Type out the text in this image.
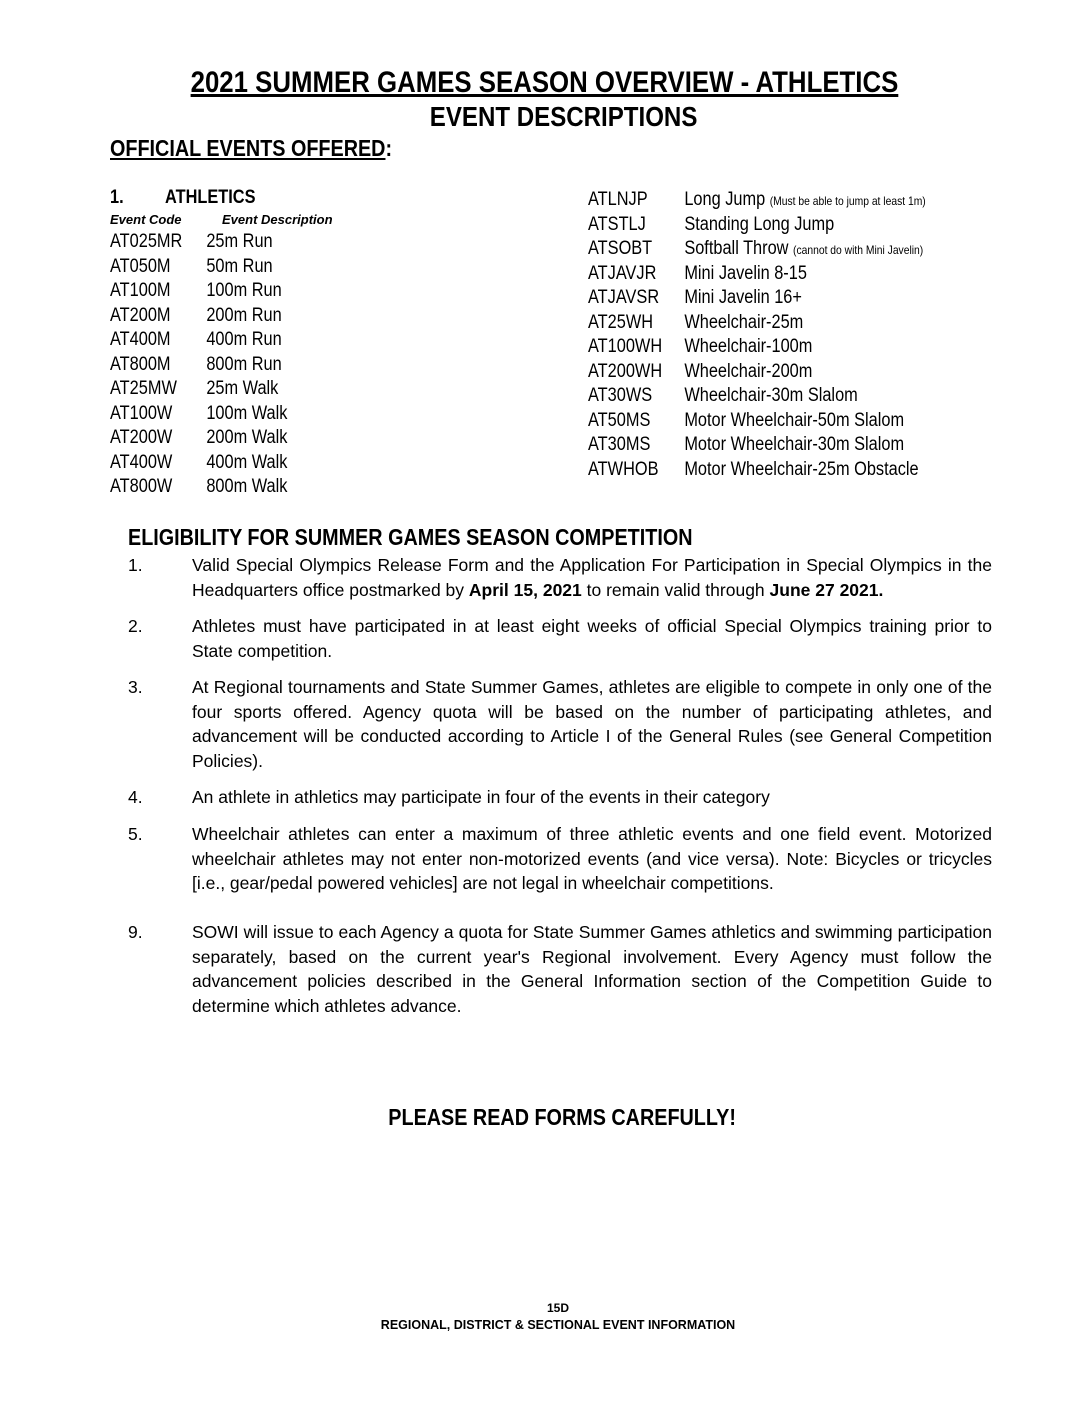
2021 SUMMER GAMES SEASON OVERVIEW - ATHLETICS
EVENT DESCRIPTIONS
OFFICIAL EVENTS OFFERED:
1. ATHLETICS
Event Code	Event Description
AT025MR 25m Run
AT050M 50m Run
AT100M 100m Run
AT200M 200m Run
AT400M 400m Run
AT800M 800m Run
AT25MW 25m Walk
AT100W 100m Walk
AT200W 200m Walk
AT400W 400m Walk
AT800W 800m Walk
ATLNJP Long Jump (Must be able to jump at least 1m)
ATSTLJ Standing Long Jump
ATSOBT Softball Throw (cannot do with Mini Javelin)
ATJAVJR Mini Javelin 8-15
ATJAVSR Mini Javelin 16+
AT25WH Wheelchair-25m
AT100WH Wheelchair-100m
AT200WH Wheelchair-200m
AT30WS Wheelchair-30m Slalom
AT50MS Motor Wheelchair-50m Slalom
AT30MS Motor Wheelchair-30m Slalom
ATWHOB Motor Wheelchair-25m Obstacle
ELIGIBILITY FOR SUMMER GAMES SEASON COMPETITION
1.	Valid Special Olympics Release Form and the Application For Participation in Special Olympics in the Headquarters office postmarked by April 15, 2021 to remain valid through June 27 2021.
2.	Athletes must have participated in at least eight weeks of official Special Olympics training prior to State competition.
3.	At Regional tournaments and State Summer Games, athletes are eligible to compete in only one of the four sports offered. Agency quota will be based on the number of participating athletes, and advancement will be conducted according to Article I of the General Rules (see General Competition Policies).
4.	An athlete in athletics may participate in four of the events in their category
5.	Wheelchair athletes can enter a maximum of three athletic events and one field event. Motorized wheelchair athletes may not enter non-motorized events (and vice versa). Note: Bicycles or tricycles [i.e., gear/pedal powered vehicles] are not legal in wheelchair competitions.
9.	SOWI will issue to each Agency a quota for State Summer Games athletics and swimming participation separately, based on the current year's Regional involvement. Every Agency must follow the advancement policies described in the General Information section of the Competition Guide to determine which athletes advance.
PLEASE READ FORMS CAREFULLY!
15D
REGIONAL, DISTRICT & SECTIONAL EVENT INFORMATION
